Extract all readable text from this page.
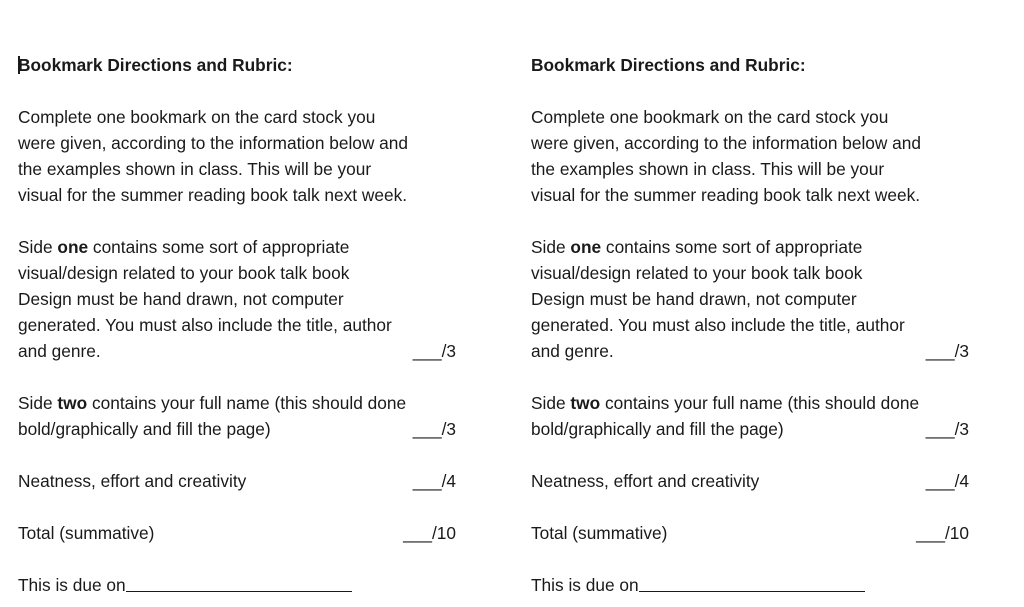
Bookmark Directions and Rubric:

Complete one bookmark on the card stock you
were given, according to the information below and
the examples shown in class. This will be your
visual for the summer reading book talk next week.
Side one contains some sort of appropriate
visual/design related to your book talk book
Design must be hand drawn, not computer
generated. You must also include the title, author
and genre.	___/3
Side two contains your full name (this should done
bold/graphically and fill the page)	___/3
Neatness, effort and creativity	___/4
Total (summative)	___/10
This is due on

Bookmark Directions and Rubric:

Complete one bookmark on the card stock you
were given, according to the information below and
the examples shown in class. This will be your
visual for the summer reading book talk next week.
Side one contains some sort of appropriate
visual/design related to your book talk book
Design must be hand drawn, not computer
generated. You must also include the title, author
and genre.	___/3
Side two contains your full name (this should done
bold/graphically and fill the page)	___/3
Neatness, effort and creativity	___/4
Total (summative)	___/10
This is due on
